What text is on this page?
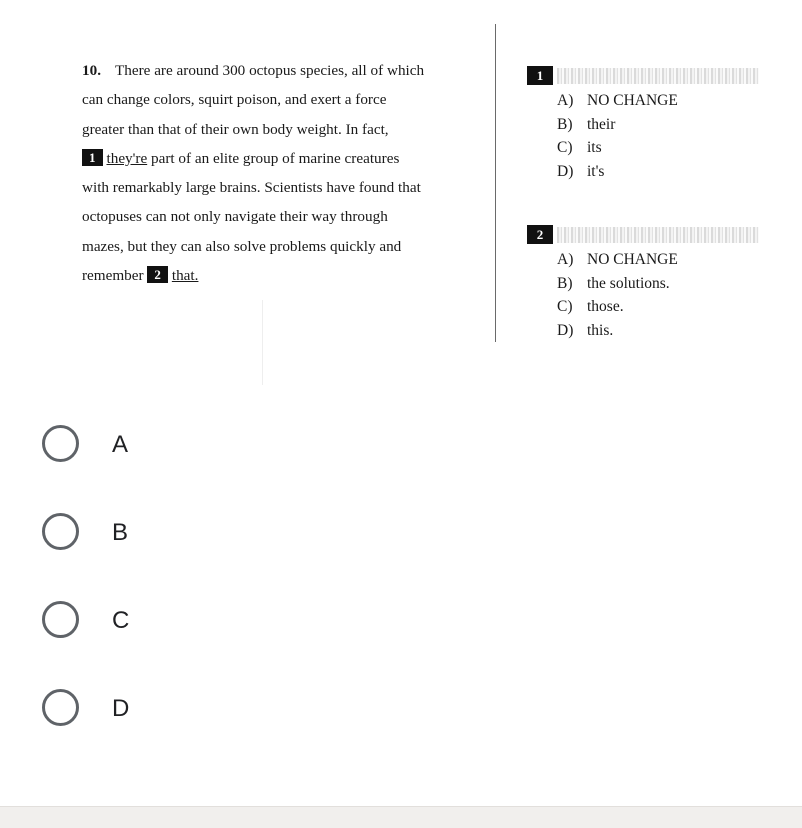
10. There are around 300 octopus species, all of which
can change colors, squirt poison, and exert a force
greater than that of their own body weight. In fact,
1 they're part of an elite group of marine creatures
with remarkably large brains. Scientists have found that
octopuses can not only navigate their way through
mazes, but they can also solve problems quickly and
remember 2 that.
1
A) NO CHANGE
B) their
C) its
D) it's
2
A) NO CHANGE
B) the solutions.
C) those.
D) this.
A
B
C
D
